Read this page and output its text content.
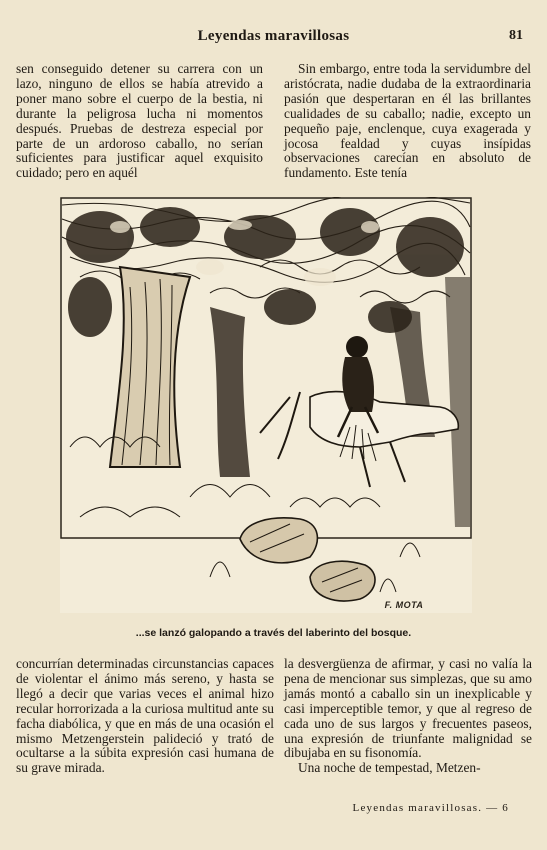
Leyendas maravillosas	81

sen conseguido detener su carrera con un lazo, ninguno de ellos se había atrevido a poner mano sobre el cuerpo de la bestia, ni durante la peligrosa lucha ni momentos después. Pruebas de destreza especial por parte de un ardoroso caballo, no serían suficientes para justificar aquel exquisito cuidado; pero en aquél

Sin embargo, entre toda la servidumbre del aristócrata, nadie dudaba de la extraordinaria pasión que despertaran en él las brillantes cualidades de su caballo; nadie, excepto un pequeño paje, enclenque, cuya exagerada y jocosa fealdad y cuyas insípidas observaciones carecían en absoluto de fundamento. Este tenía

F. MOTA
...se lanzó galopando a través del laberinto del bosque.

concurrían determinadas circunstancias capaces de violentar el ánimo más sereno, y hasta se llegó a decir que varias veces el animal hizo recular horrorizada a la curiosa multitud ante su facha diabólica, y que en más de una ocasión el mismo Metzengerstein palideció y trató de ocultarse a la súbita expresión casi humana de su grave mirada.

la desvergüenza de afirmar, y casi no valía la pena de mencionar sus simplezas, que su amo jamás montó a caballo sin un inexplicable y casi imperceptible temor, y que al regreso de cada uno de sus largos y frecuentes paseos, una expresión de triunfante malignidad se dibujaba en su fisonomía.

Una noche de tempestad, Metzen-

Leyendas maravillosas. — 6
